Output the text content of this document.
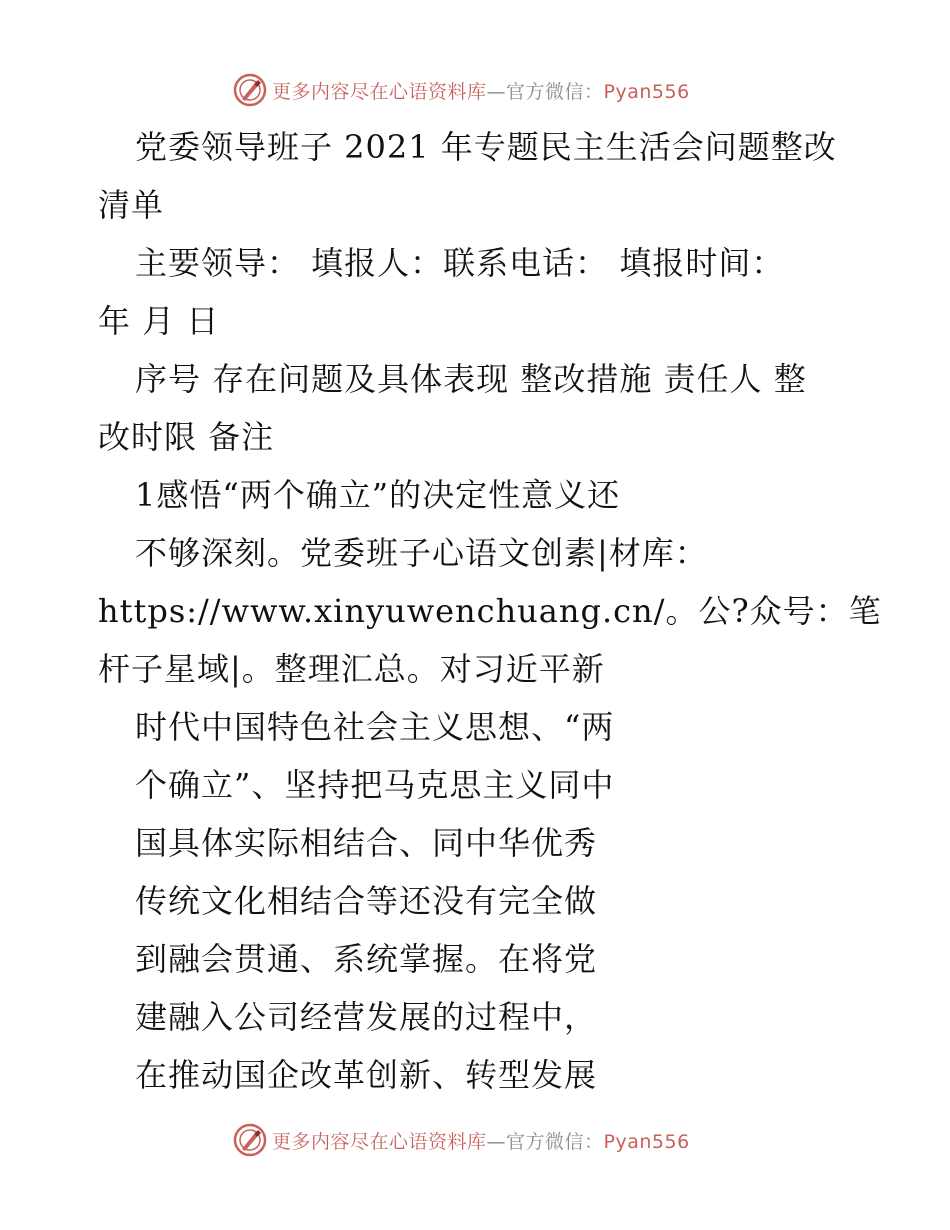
更多内容尽在心语资料库—官方微信：Pyan556
党委领导班子 2021 年专题民主生活会问题整改
清单
主要领导： 填报人：联系电话： 填报时间：
年 月 日
序号 存在问题及具体表现 整改措施 责任人 整
改时限 备注
1感悟“两个确立”的决定性意义还
不够深刻。党委班子心语文创素|材库：
https://www.xinyuwenchuang.cn/。公?众号：笔
杆子星域|。整理汇总。对习近平新
时代中国特色社会主义思想、“两
个确立”、坚持把马克思主义同中
国具体实际相结合、同中华优秀
传统文化相结合等还没有完全做
到融会贯通、系统掌握。在将党
建融入公司经营发展的过程中，
在推动国企改革创新、转型发展
更多内容尽在心语资料库—官方微信：Pyan556
